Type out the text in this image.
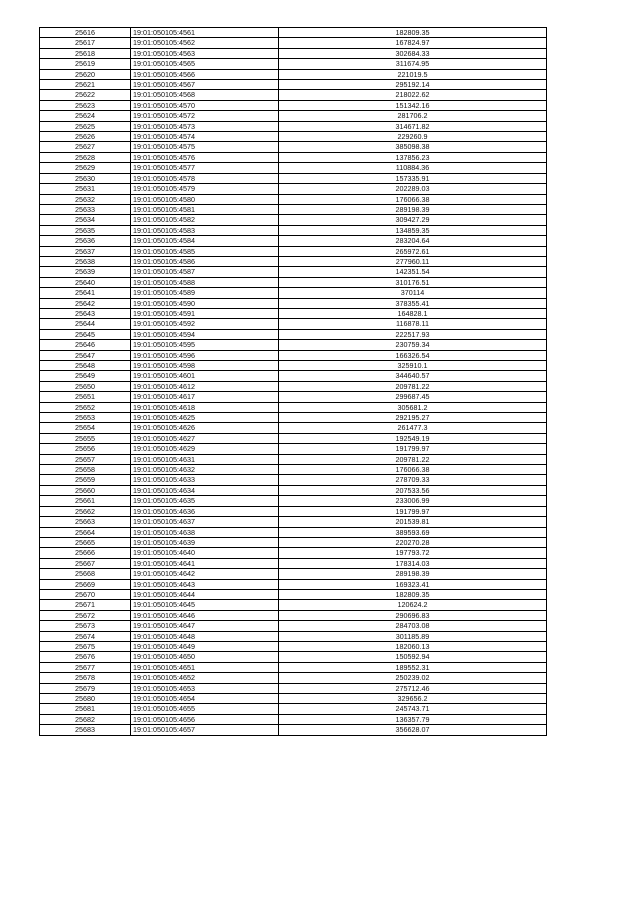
25616	19:01:050105:4561	182809.35
25617	19:01:050105:4562	167824.97
25618	19:01:050105:4563	302684.33
25619	19:01:050105:4565	311674.95
25620	19:01:050105:4566	221019.5
25621	19:01:050105:4567	295192.14
25622	19:01:050105:4568	218022.62
25623	19:01:050105:4570	151342.16
25624	19:01:050105:4572	281706.2
25625	19:01:050105:4573	314671.82
25626	19:01:050105:4574	229260.9
25627	19:01:050105:4575	385098.38
25628	19:01:050105:4576	137856.23
25629	19:01:050105:4577	110884.36
25630	19:01:050105:4578	157335.91
25631	19:01:050105:4579	202289.03
25632	19:01:050105:4580	176066.38
25633	19:01:050105:4581	289198.39
25634	19:01:050105:4582	309427.29
25635	19:01:050105:4583	134859.35
25636	19:01:050105:4584	283204.64
25637	19:01:050105:4585	265972.61
25638	19:01:050105:4586	277960.11
25639	19:01:050105:4587	142351.54
25640	19:01:050105:4588	310176.51
25641	19:01:050105:4589	370114
25642	19:01:050105:4590	378355.41
25643	19:01:050105:4591	164828.1
25644	19:01:050105:4592	116878.11
25645	19:01:050105:4594	222517.93
25646	19:01:050105:4595	230759.34
25647	19:01:050105:4596	166326.54
25648	19:01:050105:4598	325910.1
25649	19:01:050105:4601	344640.57
25650	19:01:050105:4612	209781.22
25651	19:01:050105:4617	299687.45
25652	19:01:050105:4618	305681.2
25653	19:01:050105:4625	292195.27
25654	19:01:050105:4626	261477.3
25655	19:01:050105:4627	192549.19
25656	19:01:050105:4629	191799.97
25657	19:01:050105:4631	209781.22
25658	19:01:050105:4632	176066.38
25659	19:01:050105:4633	278709.33
25660	19:01:050105:4634	207533.56
25661	19:01:050105:4635	233006.99
25662	19:01:050105:4636	191799.97
25663	19:01:050105:4637	201539.81
25664	19:01:050105:4638	389593.69
25665	19:01:050105:4639	220270.28
25666	19:01:050105:4640	197793.72
25667	19:01:050105:4641	178314.03
25668	19:01:050105:4642	289198.39
25669	19:01:050105:4643	169323.41
25670	19:01:050105:4644	182809.35
25671	19:01:050105:4645	120624.2
25672	19:01:050105:4646	290696.83
25673	19:01:050105:4647	284703.08
25674	19:01:050105:4648	301185.89
25675	19:01:050105:4649	182060.13
25676	19:01:050105:4650	150592.94
25677	19:01:050105:4651	189552.31
25678	19:01:050105:4652	250239.02
25679	19:01:050105:4653	275712.46
25680	19:01:050105:4654	329656.2
25681	19:01:050105:4655	245743.71
25682	19:01:050105:4656	136357.79
25683	19:01:050105:4657	356628.07
